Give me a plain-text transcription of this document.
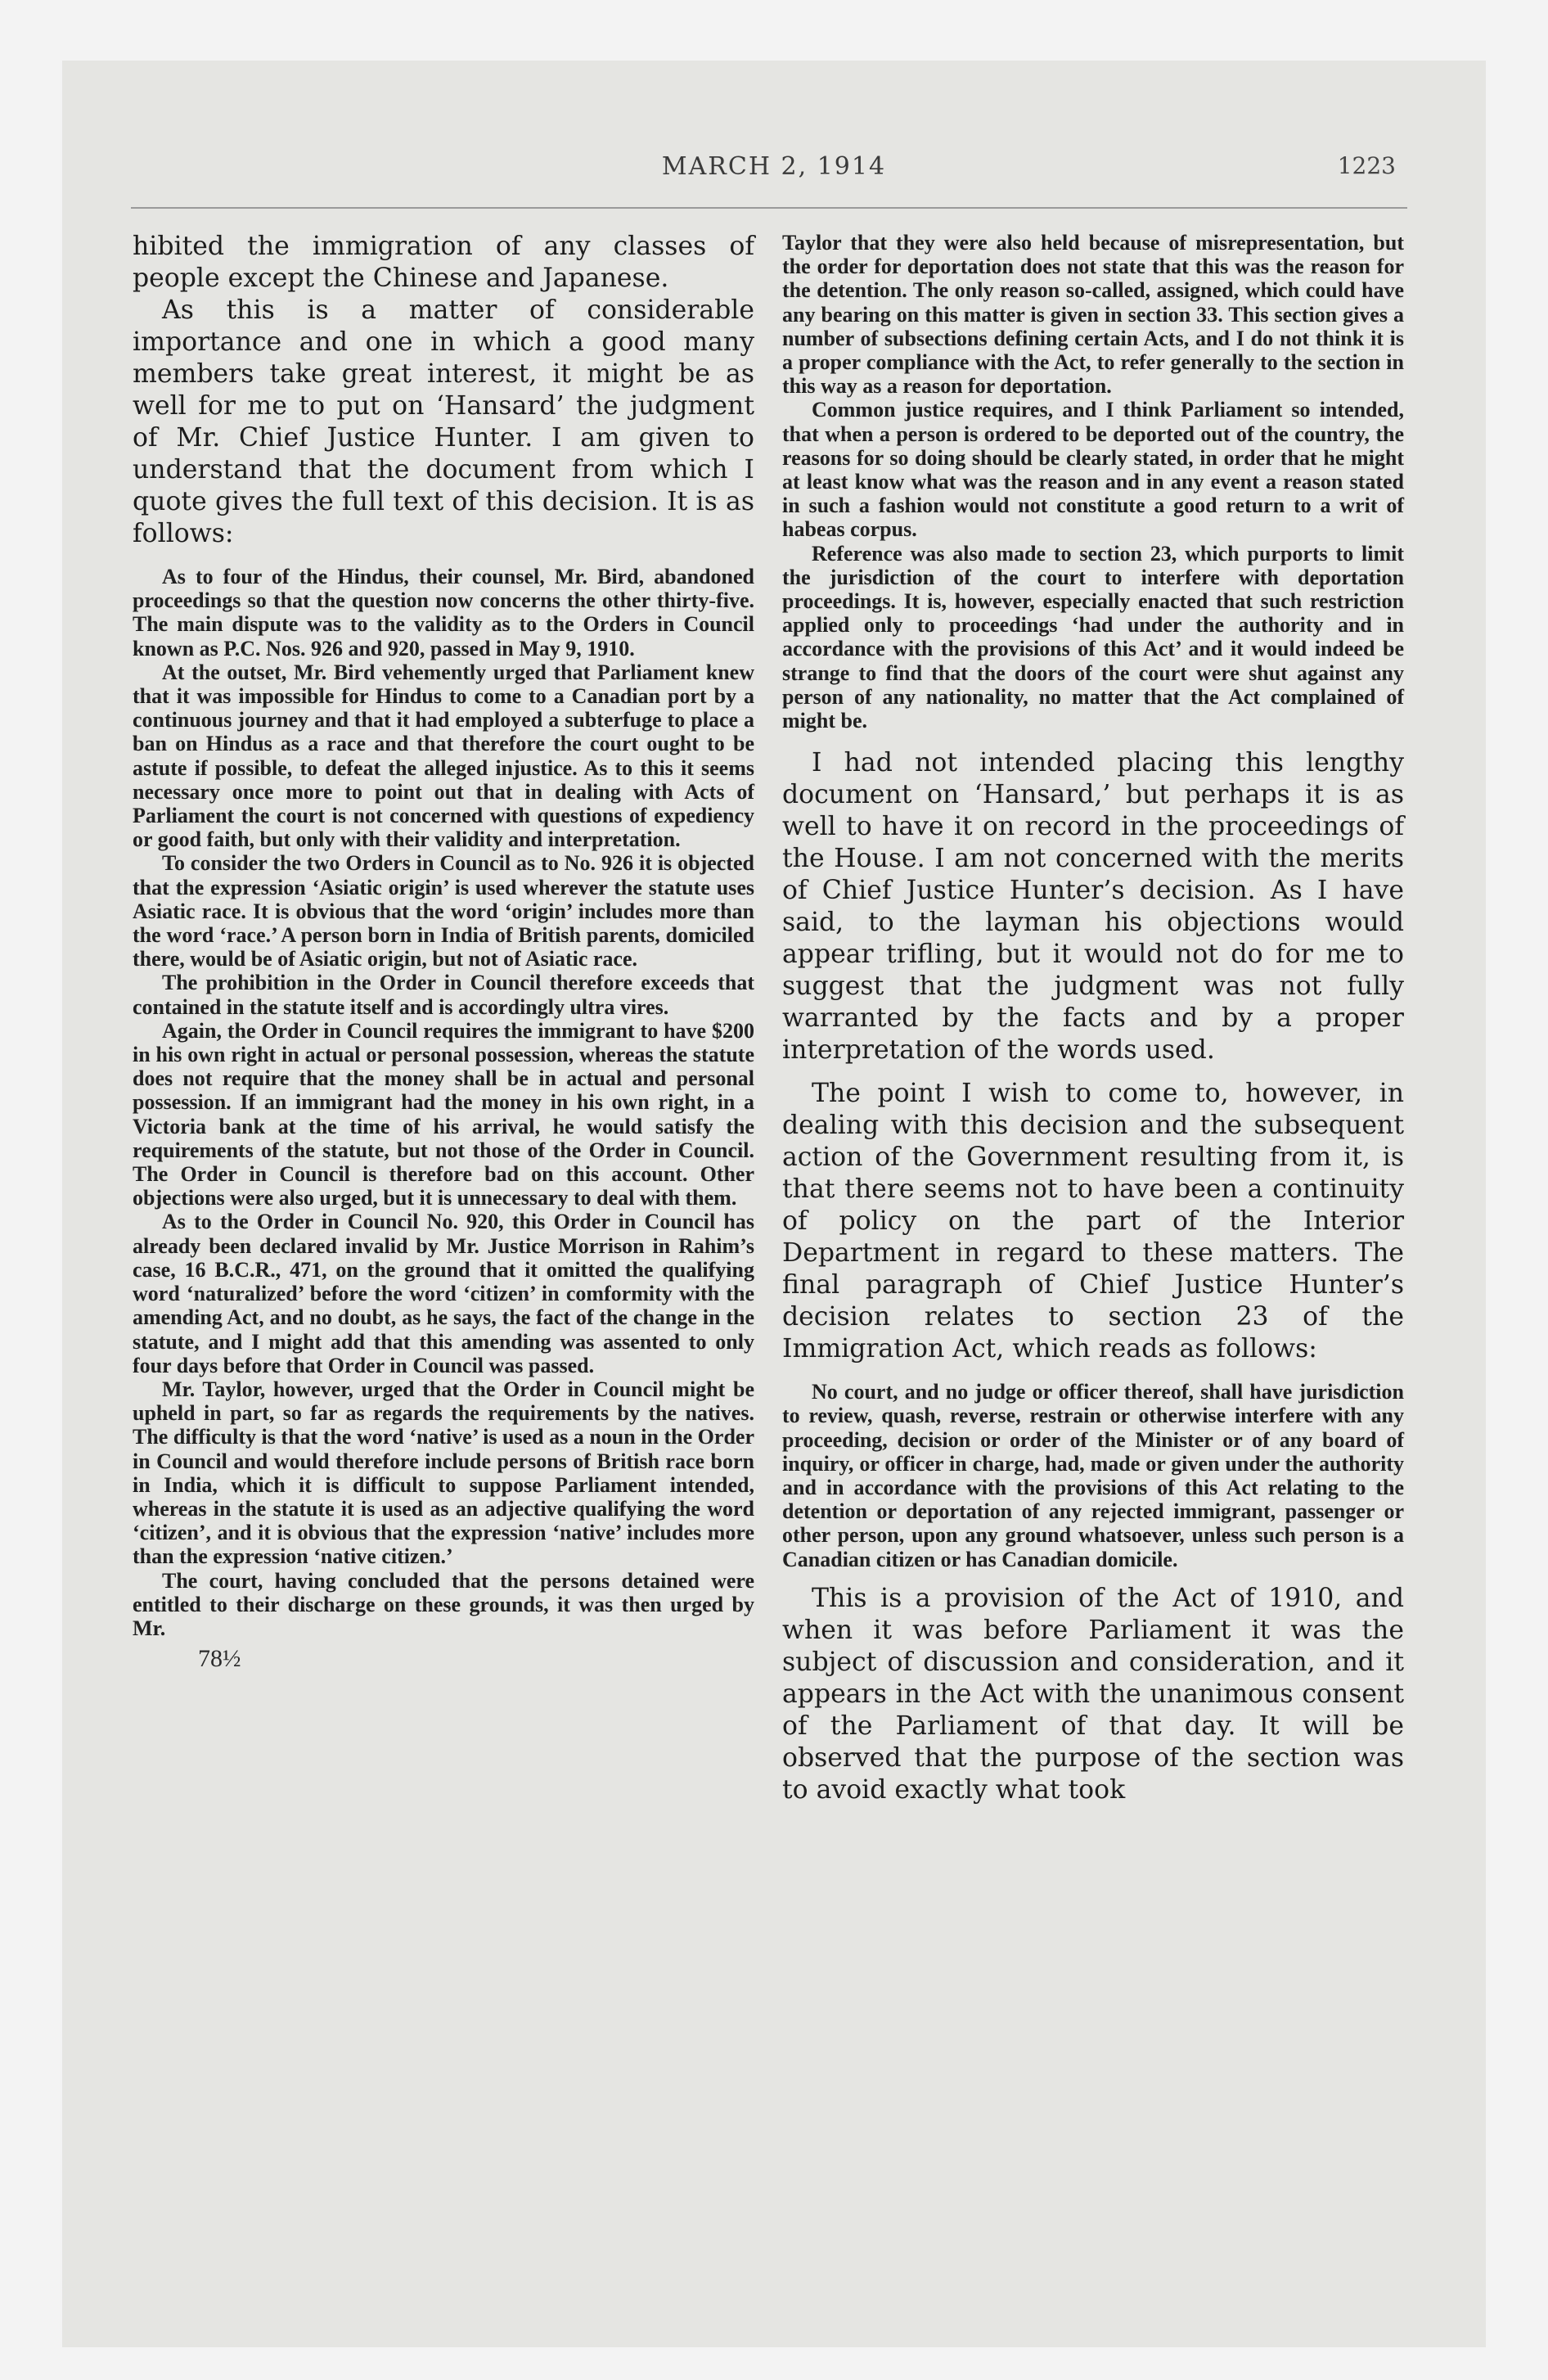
MARCH 2, 1914	1223

hibited the immigration of any classes of people except the Chinese and Japanese.

As this is a matter of considerable importance and one in which a good many members take great interest, it might be as well for me to put on ‘Hansard’ the judgment of Mr. Chief Justice Hunter. I am given to understand that the document from which I quote gives the full text of this decision. It is as follows:

As to four of the Hindus, their counsel, Mr. Bird, abandoned proceedings so that the question now concerns the other thirty-five. The main dispute was to the validity as to the Orders in Council known as P.C. Nos. 926 and 920, passed in May 9, 1910.

At the outset, Mr. Bird vehemently urged that Parliament knew that it was impossible for Hindus to come to a Canadian port by a continuous journey and that it had employed a subterfuge to place a ban on Hindus as a race and that therefore the court ought to be astute if possible, to defeat the alleged injustice. As to this it seems necessary once more to point out that in dealing with Acts of Parliament the court is not concerned with questions of expediency or good faith, but only with their validity and interpretation.

To consider the two Orders in Council as to No. 926 it is objected that the expression ‘Asiatic origin’ is used wherever the statute uses Asiatic race. It is obvious that the word ‘origin’ includes more than the word ‘race.’ A person born in India of British parents, domiciled there, would be of Asiatic origin, but not of Asiatic race.

The prohibition in the Order in Council therefore exceeds that contained in the statute itself and is accordingly ultra vires.

Again, the Order in Council requires the immigrant to have $200 in his own right in actual or personal possession, whereas the statute does not require that the money shall be in actual and personal possession. If an immigrant had the money in his own right, in a Victoria bank at the time of his arrival, he would satisfy the requirements of the statute, but not those of the Order in Council. The Order in Council is therefore bad on this account. Other objections were also urged, but it is unnecessary to deal with them.

As to the Order in Council No. 920, this Order in Council has already been declared invalid by Mr. Justice Morrison in Rahim’s case, 16 B.C.R., 471, on the ground that it omitted the qualifying word ‘naturalized’ before the word ‘citizen’ in comformity with the amending Act, and no doubt, as he says, the fact of the change in the statute, and I might add that this amending was assented to only four days before that Order in Council was passed.

Mr. Taylor, however, urged that the Order in Council might be upheld in part, so far as regards the requirements by the natives. The difficulty is that the word ‘native’ is used as a noun in the Order in Council and would therefore include persons of British race born in India, which it is difficult to suppose Parliament intended, whereas in the statute it is used as an adjective qualifying the word ‘citizen’, and it is obvious that the expression ‘native’ includes more than the expression ‘native citizen.’

The court, having concluded that the persons detained were entitled to their discharge on these grounds, it was then urged by Mr.

78½

Taylor that they were also held because of misrepresentation, but the order for deportation does not state that this was the reason for the detention. The only reason so-called, assigned, which could have any bearing on this matter is given in section 33. This section gives a number of subsections defining certain Acts, and I do not think it is a proper compliance with the Act, to refer generally to the section in this way as a reason for deportation.

Common justice requires, and I think Parliament so intended, that when a person is ordered to be deported out of the country, the reasons for so doing should be clearly stated, in order that he might at least know what was the reason and in any event a reason stated in such a fashion would not constitute a good return to a writ of habeas corpus.

Reference was also made to section 23, which purports to limit the jurisdiction of the court to interfere with deportation proceedings. It is, however, especially enacted that such restriction applied only to proceedings ‘had under the authority and in accordance with the provisions of this Act’ and it would indeed be strange to find that the doors of the court were shut against any person of any nationality, no matter that the Act complained of might be.

I had not intended placing this lengthy document on ‘Hansard,’ but perhaps it is as well to have it on record in the proceedings of the House. I am not concerned with the merits of Chief Justice Hunter’s decision. As I have said, to the layman his objections would appear trifling, but it would not do for me to suggest that the judgment was not fully warranted by the facts and by a proper interpretation of the words used.

The point I wish to come to, however, in dealing with this decision and the subsequent action of the Government resulting from it, is that there seems not to have been a continuity of policy on the part of the Interior Department in regard to these matters. The final paragraph of Chief Justice Hunter’s decision relates to section 23 of the Immigration Act, which reads as follows:

No court, and no judge or officer thereof, shall have jurisdiction to review, quash, reverse, restrain or otherwise interfere with any proceeding, decision or order of the Minister or of any board of inquiry, or officer in charge, had, made or given under the authority and in accordance with the provisions of this Act relating to the detention or deportation of any rejected immigrant, passenger or other person, upon any ground whatsoever, unless such person is a Canadian citizen or has Canadian domicile.

This is a provision of the Act of 1910, and when it was before Parliament it was the subject of discussion and consideration, and it appears in the Act with the unanimous consent of the Parliament of that day. It will be observed that the purpose of the section was to avoid exactly what took
